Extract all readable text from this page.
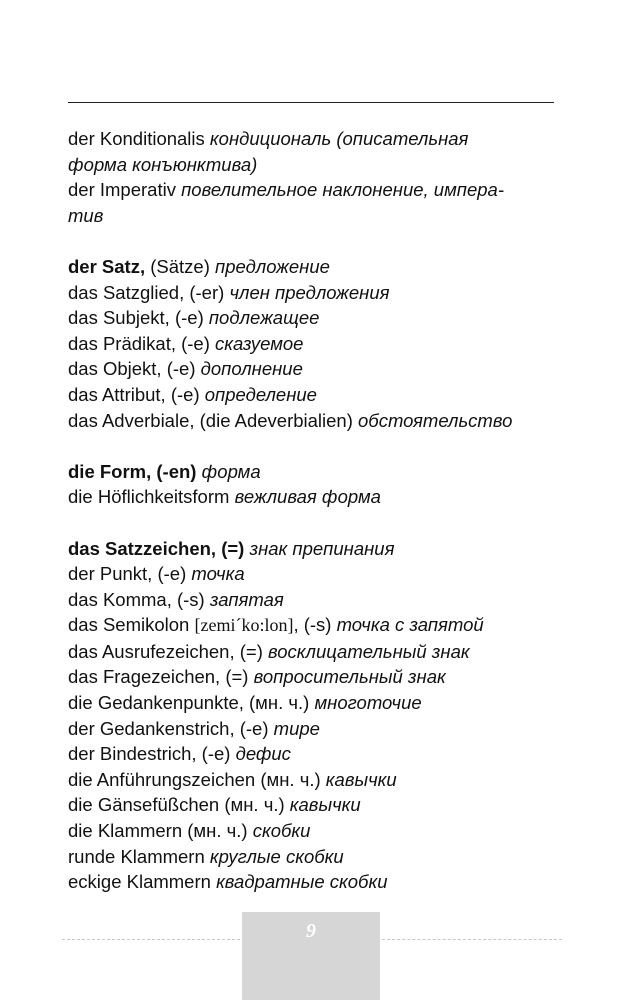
der Konditionalis кондициональ (описательная
форма конъюнктива)
der Imperativ повелительное наклонение, импера-
тив
der Satz, (Sätze) предложение
das Satzglied, (-er) член предложения
das Subjekt, (-e) подлежащее
das Prädikat, (-e) сказуемое
das Objekt, (-e) дополнение
das Attribut, (-e) определение
das Adverbiale, (die Adeverbialien) обстоятельство
die Form, (-en) форма
die Höflichkeitsform вежливая форма
das Satzzeichen, (=) знак препинания
der Punkt, (-e) точка
das Komma, (-s) запятая
das Semikolon [zemi´ko:lon], (-s) точка с запятой
das Ausrufezeichen, (=) восклицательный знак
das Fragezeichen, (=) вопросительный знак
die Gedankenpunkte, (мн. ч.) многоточие
der Gedankenstrich, (-e) тире
der Bindestrich, (-e) дефис
die Anführungszeichen (мн. ч.) кавычки
die Gänsefüßchen (мн. ч.) кавычки
die Klammern (мн. ч.) скобки
runde Klammern круглые скобки
eckige Klammern квадратные скобки
9
